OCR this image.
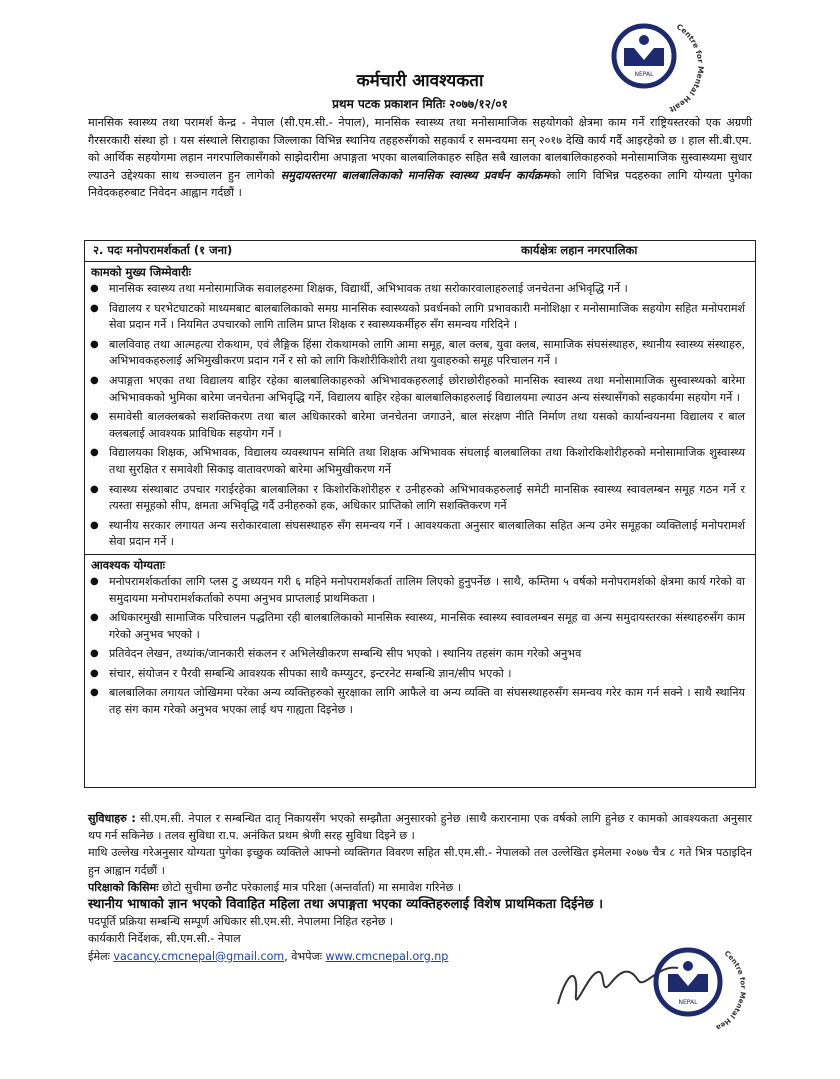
NEPAL
Centre for Mental Healt
कर्मचारी आवश्यकता
प्रथम पटक प्रकाशन मितिः २०७७/१२/०१
मानसिक स्वास्थ्य तथा परामर्श केन्द्र - नेपाल (सी.एम.सी.- नेपाल), मानसिक स्वास्थ्य तथा मनोसामाजिक सहयोगको क्षेत्रमा काम गर्ने राष्ट्रियस्तरको एक अग्रणी गैरसरकारी संस्था हो । यस संस्थाले सिराहाका जिल्लाका विभिन्न स्थानिय तहहरुसँगको सहकार्य र समन्वयमा सन् २०१७ देखि कार्य गर्दै आइरहेको छ । हाल सी.बी.एम. को आर्थिक सहयोगमा लहान नगरपालिकासँगको साझेदारीमा अपाङ्गता भएका बालबालिकाहरु सहित सबै खालका बालबालिकाहरुको मनोसामाजिक सुस्वास्थ्यमा सुधार ल्याउने उद्देश्यका साथ सञ्चालन हुन लागेको समुदायस्तरमा बालबालिकाको मानसिक स्वास्थ्य प्रवर्धन कार्यक्रमको लागि विभिन्न पदहरुका लागि योग्यता पुगेका निवेदकहरुबाट निवेदन आह्वान गर्दछौं ।
२. पदः मनोपरामर्शकर्ता (१ जना)	कार्यक्षेत्रः लहान नगरपालिका
कामको मुख्य जिम्मेवारीः
● मानसिक स्वास्थ्य तथा मनोसामाजिक सवालहरुमा शिक्षक, विद्यार्थी, अभिभावक तथा सरोकारवालाहरुलाई जनचेतना अभिवृद्धि गर्ने ।
● विद्यालय र घरभेटघाटको माध्यमबाट बालबालिकाको समग्र मानसिक स्वास्थ्यको प्रवर्धनको लागि प्रभावकारी मनोशिक्षा र मनोसामाजिक सहयोग सहित मनोपरामर्श सेवा प्रदान गर्ने । नियमित उपचारको लागि तालिम प्राप्त शिक्षक र स्वास्थ्यकर्मीहरु सँग समन्वय गरिदिने ।
● बालविवाह तथा आत्महत्या रोकथाम, एवं लैङ्गिक हिंसा रोकथामको लागि आमा समूह, बाल क्लब, युवा क्लब, सामाजिक संघसंस्थाहरु, स्थानीय स्वास्थ्य संस्थाहरु, अभिभावकहरुलाई अभिमुखीकरण प्रदान गर्ने र सो को लागि किशोरीकिशोरी तथा युवाहरुको समूह परिचालन गर्ने ।
● अपाङ्गता भएका तथा विद्यालय बाहिर रहेका बालबालिकाहरुको अभिभावकहरुलाई छोराछोरीहरुको मानसिक स्वास्थ्य तथा मनोसामाजिक सुस्वास्थ्यको बारेमा अभिभावकको भुमिका बारेमा जनचेतना अभिवृद्धि गर्ने, विद्यालय बाहिर रहेका बालबालिकाहरुलाई विद्यालयमा ल्याउन अन्य संस्थासँगको सहकार्यमा सहयोग गर्ने ।
● समावेसी बालक्लबको सशक्तिकरण तथा बाल अधिकारको बारेमा जनचेतना जगाउने, बाल संरक्षण नीति निर्माण तथा यसको कार्यान्वयनमा विद्यालय र बाल क्लबलाई आवश्यक प्राविधिक सहयोग गर्ने ।
● विद्यालयका शिक्षक, अभिभावक, विद्यालय व्यवस्थापन समिति तथा शिक्षक अभिभावक संघलाई बालबालिका तथा किशोरकिशोरीहरुको मनोसामाजिक शुस्वास्थ्य तथा सुरक्षित र समावेशी सिकाइ वातावरणको बारेमा अभिमुखीकरण गर्ने
● स्वास्थ्य संस्थाबाट उपचार गराईरहेका बालबालिका र किशोरकिशोरीहरु र उनीहरुको अभिभावकहरुलाई समेटी मानसिक स्वास्थ्य स्वावलम्बन समूह गठन गर्ने र त्यस्ता समूहको सीप, क्षमता अभिवृद्धि गर्दै उनीहरुको हक, अधिकार प्राप्तिको लागि सशक्तिकरण गर्ने
● स्थानीय सरकार लगायत अन्य सरोकारवाला संघसस्थाहरु सँग समन्वय गर्ने । आवश्यकता अनुसार बालबालिका सहित अन्य उमेर समूहका व्यक्तिलाई मनोपरामर्श सेवा प्रदान गर्ने ।
आवश्यक योग्यताः
● मनोपरामर्शकर्ताका लागि प्लस टु अध्ययन गरी ६ महिने मनोपरामर्शकर्ता तालिम लिएको हुनुपर्नेछ । साथै, कम्तिमा ५ वर्षको मनोपरामर्शको क्षेत्रमा कार्य गरेको वा समुदायमा मनोपरामर्शकर्ताको रुपमा अनुभव प्राप्तलाई प्राथमिकता ।
● अधिकारमुखी सामाजिक परिचालन पद्धतिमा रही बालबालिकाको मानसिक स्वास्थ्य, मानसिक स्वास्थ्य स्वावलम्बन समूह वा अन्य समुदायस्तरका संस्थाहरुसँग काम गरेको अनुभव भएको ।
● प्रतिवेदन लेखन, तथ्यांक/जानकारी संकलन र अभिलेखीकरण सम्बन्धि सीप भएको । स्थानिय तहसंग काम गरेको अनुभव
● संचार, संयोजन र पैरवी सम्बन्धि आवश्यक सीपका साथै कम्प्युटर, इन्टरनेट सम्बन्धि ज्ञान/सीप भएको ।
● बालबालिका लगायत जोखिममा परेका अन्य व्यक्तिहरुको सुरक्षाका लागि आफैले वा अन्य व्यक्ति वा संघसस्थाहरुसँग समन्वय गरेर काम गर्न सक्ने । साथै स्थानिय तह संग काम गरेको अनुभव भएका लाई थप गाह्यता दिइनेछ ।
सुविधाहरु : सी.एम.सी. नेपाल र सम्बन्धित दातृ निकायसँग भएको सम्झौता अनुसारको हुनेछ ।साथै करारनामा एक वर्षको लागि हुनेछ र कामको आवश्यकता अनुसार थप गर्न सकिनेछ । तलव सुविधा रा.प. अनंकित प्रथम श्रेणी सरह सुविधा दिइने छ ।
माथि उल्लेख गरेअनुसार योग्यता पुगेका इच्छुक व्यक्तिले आफ्नो व्यक्तिगत विवरण सहित सी.एम.सी.- नेपालको तल उल्लेखित इमेलमा २०७७ चैत्र ८ गते भित्र पठाइदिन हुन आह्वान गर्दछौं ।
परिक्षाको किसिमः छोटो सुचीमा छनौट परेकालाई मात्र परिक्षा (अन्तर्वार्ता) मा समावेश गरिनेछ ।
स्थानीय भाषाको ज्ञान भएको विवाहित महिला तथा अपाङ्गता भएका व्यक्तिहरुलाई विशेष प्राथमिकता दिईनेछ ।
पदपूर्ति प्रक्रिया सम्बन्धि सम्पूर्ण अधिकार सी.एम.सी. नेपालमा निहित रहनेछ ।
कार्यकारी निर्देशक, सी.एम.सी.- नेपाल
ईमेलः vacancy.cmcnepal@gmail.com, वेभपेजः www.cmcnepal.org.np
NEPAL
Centre for Mental Hea
